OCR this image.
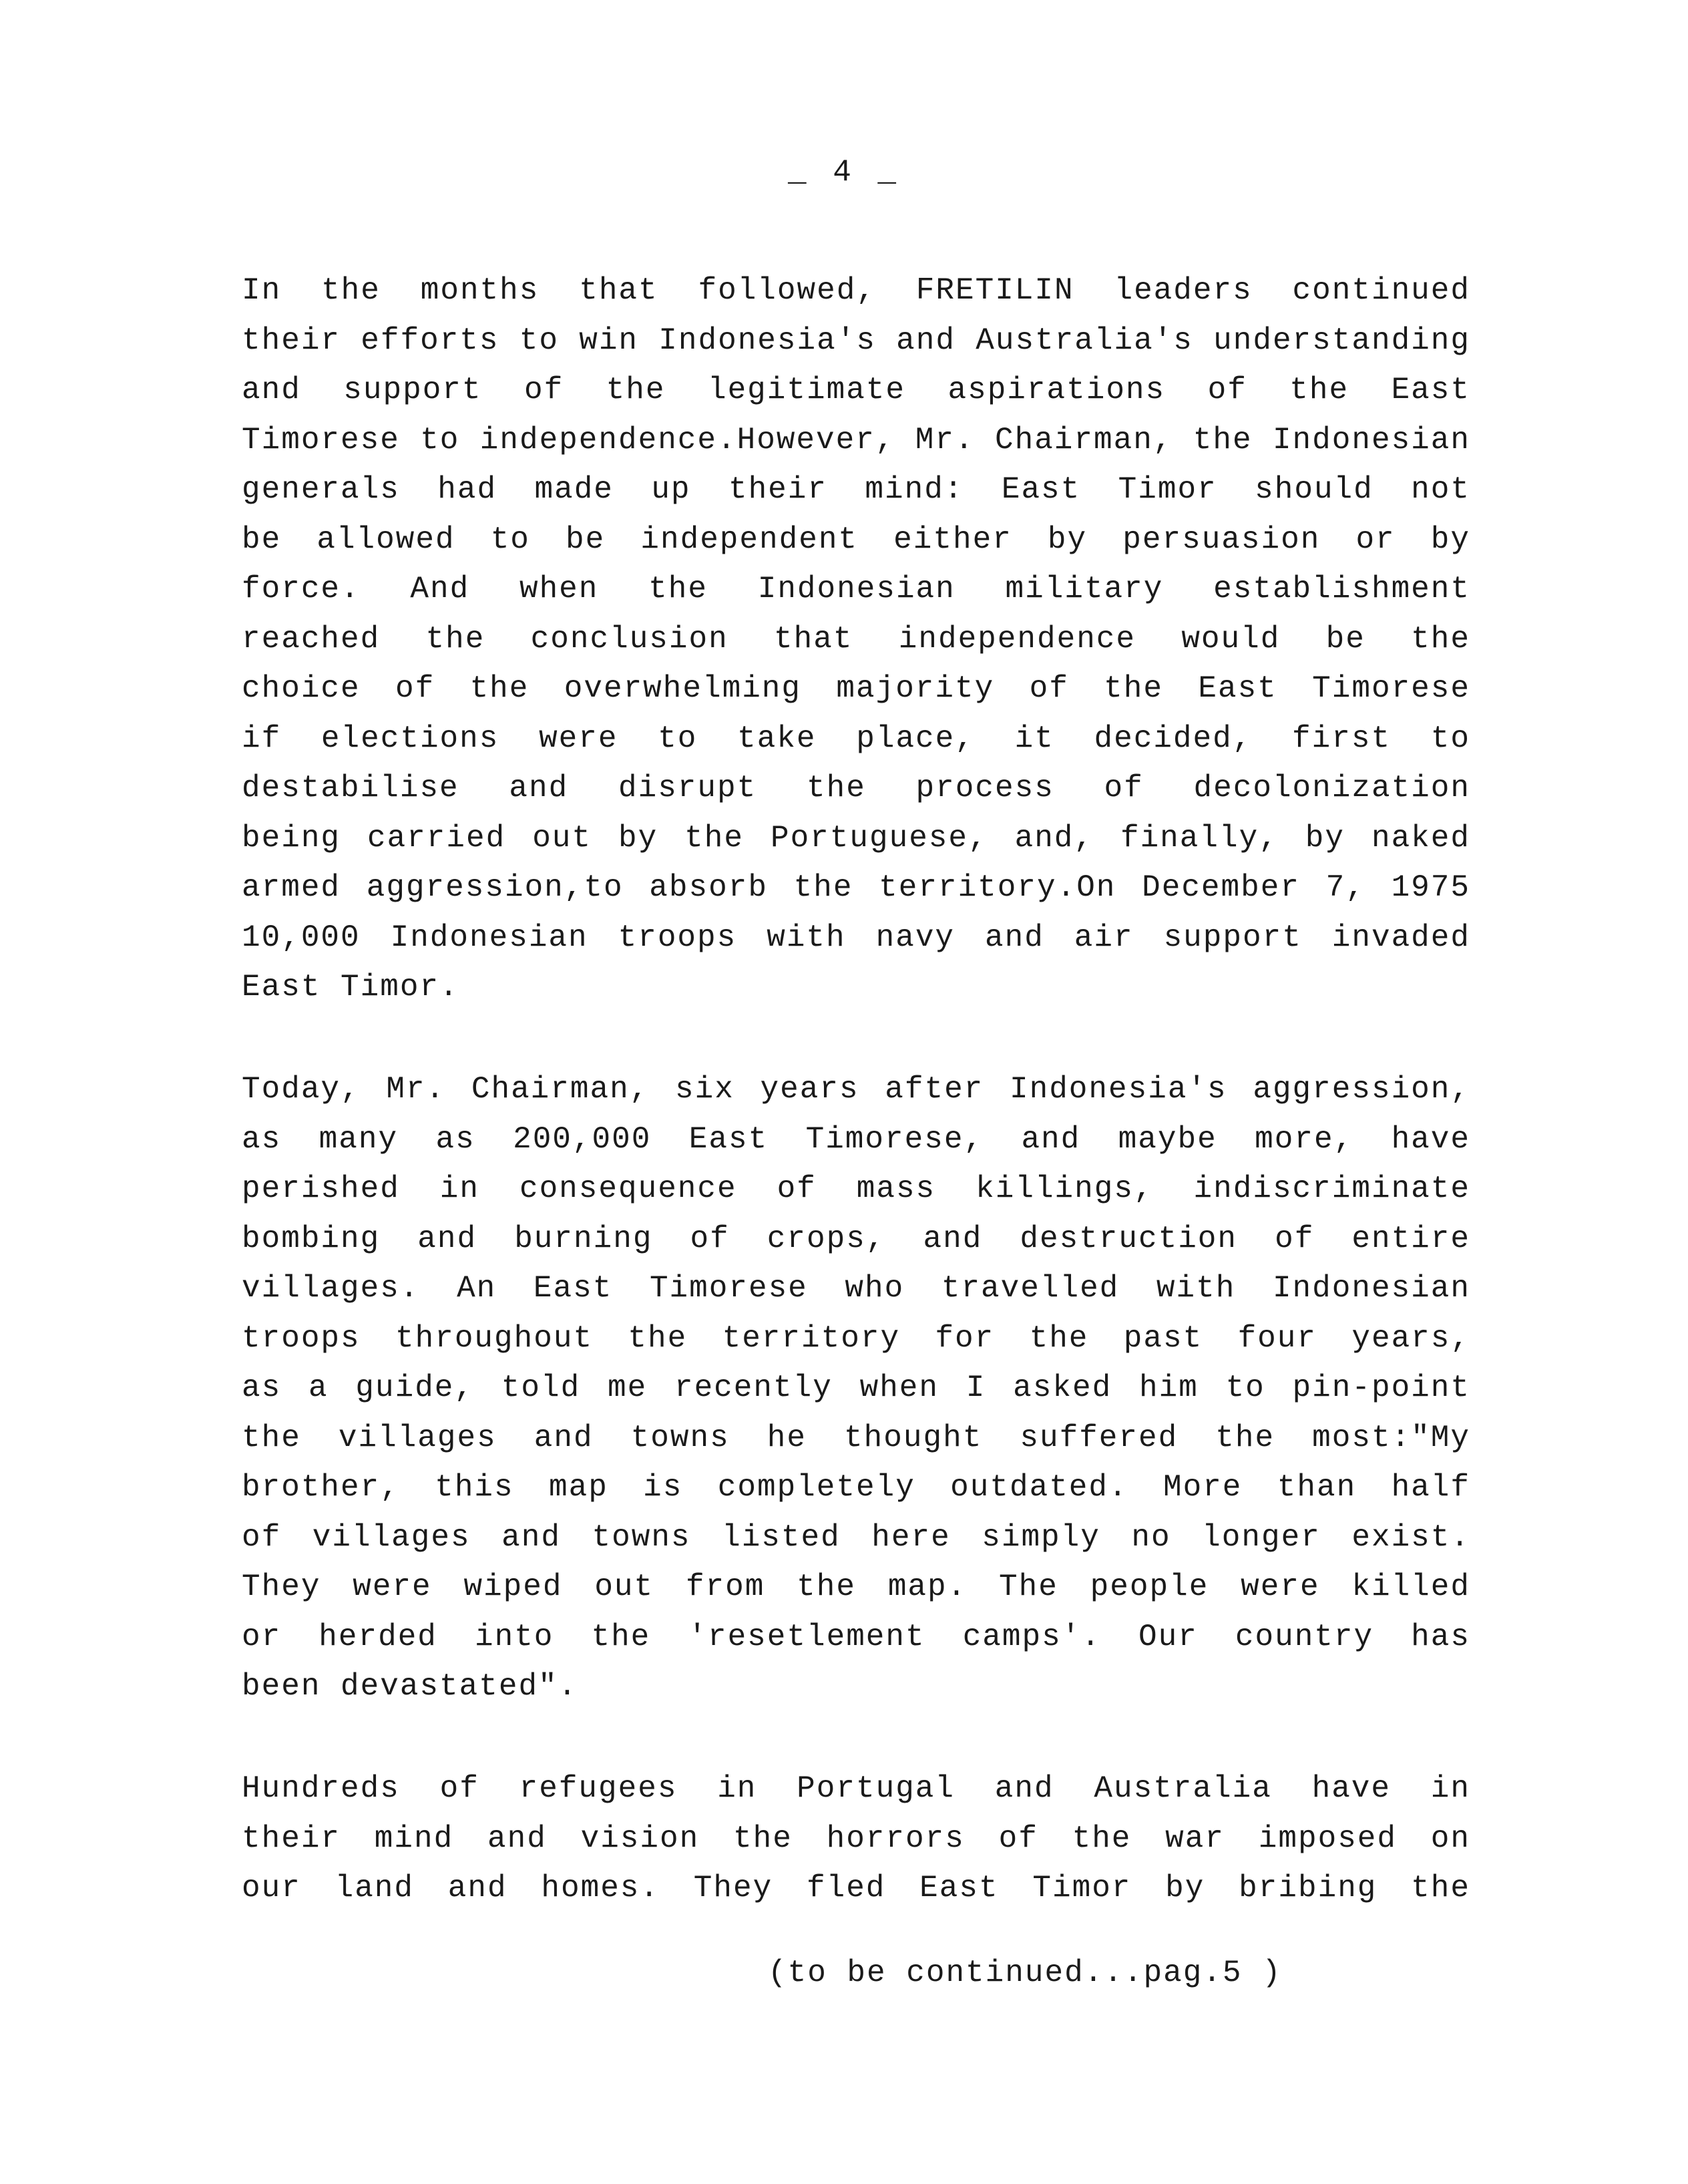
_ 4 _
In the months that followed, FRETILIN leaders continued
their efforts to win Indonesia's and Australia's understanding
and support of the legitimate aspirations of the East
Timorese to independence.However, Mr. Chairman, the Indonesian
generals had made up their mind: East Timor should not
be allowed to be independent either by persuasion or by
force. And when the Indonesian military establishment
reached the conclusion that independence would be the
choice of the overwhelming majority of the East Timorese
if elections were to take place, it decided, first to
destabilise and disrupt the process of decolonization
being carried out by the Portuguese, and, finally, by naked
armed aggression,to absorb the territory.On December 7, 1975
10,000 Indonesian troops with navy and air support invaded
East Timor.
Today, Mr. Chairman, six years after Indonesia's aggression,
as many as 200,000 East Timorese, and maybe more, have
perished in consequence of mass killings, indiscriminate
bombing and burning of crops, and destruction of entire
villages. An East Timorese who travelled with Indonesian
troops throughout the territory for the past four years,
as a guide, told me recently when I asked him to pin-point
the villages and towns he thought suffered the most:"My
brother, this map is completely outdated. More than half
of villages and towns listed here simply no longer exist.
They were wiped out from the map. The people were killed
or herded into the 'resetlement camps'. Our country has
been devastated".
Hundreds of refugees in Portugal and Australia have in
their mind and vision the horrors of the war imposed on
our land and homes. They fled East Timor by bribing the
(to be continued...pag.5 )
